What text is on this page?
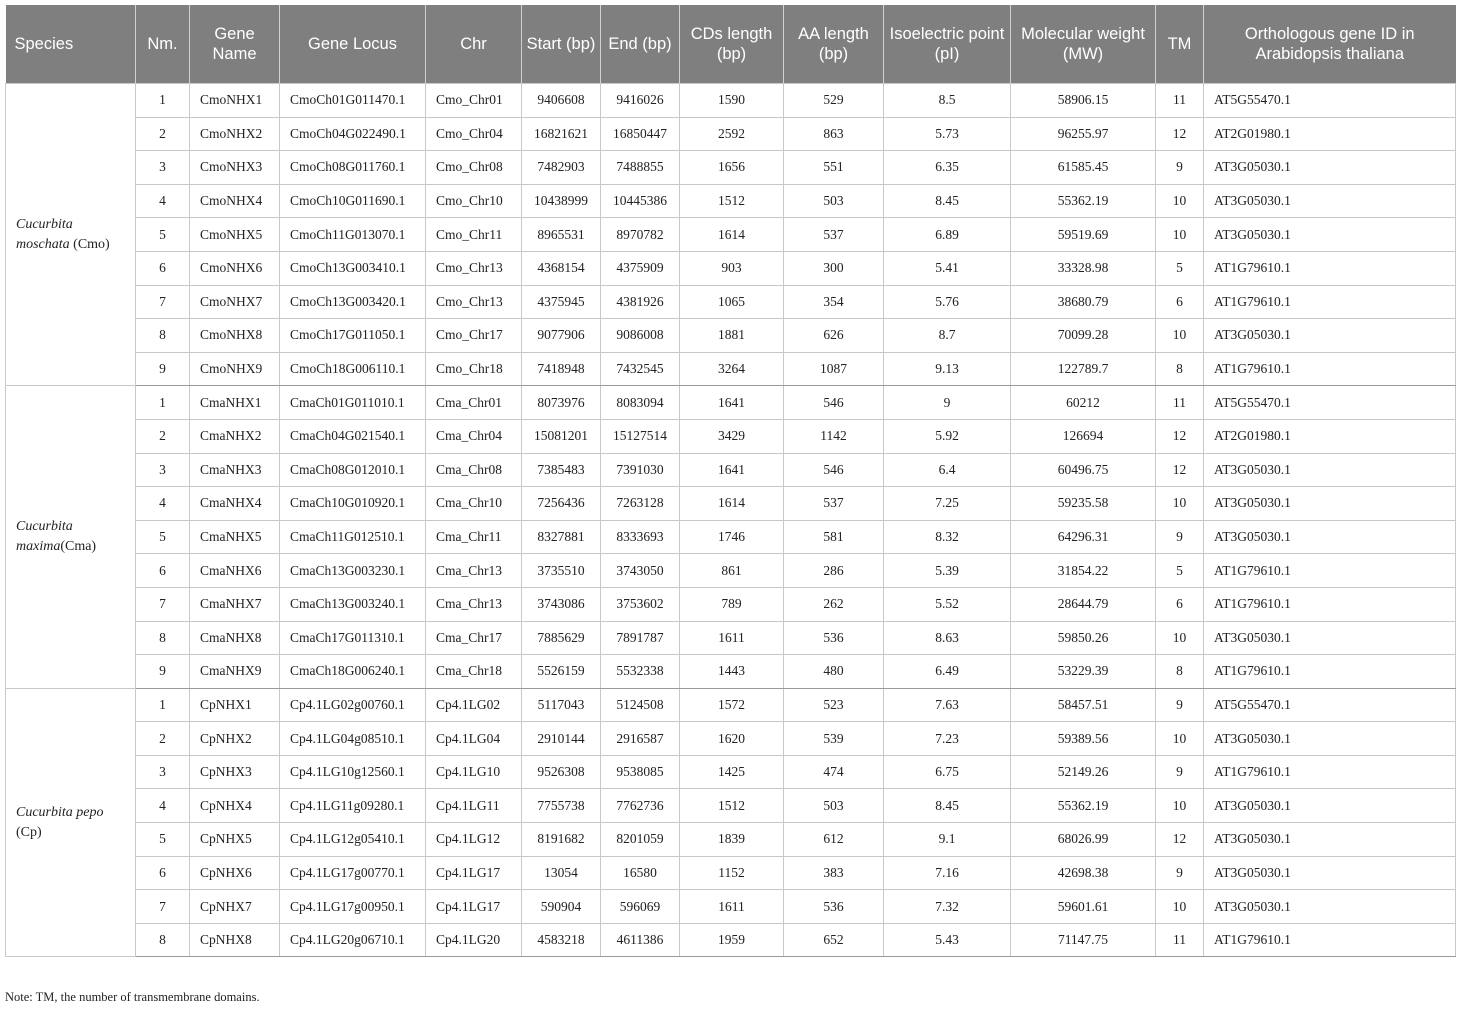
Species	Nm.	Gene Name	Gene Locus	Chr	Start (bp)	End (bp)	CDs length (bp)	AA length (bp)	Isoelectric point (pI)	Molecular weight (MW)	TM	Orthologous gene ID in Arabidopsis thaliana
Cucurbita moschata (Cmo)	1	CmoNHX1	CmoCh01G011470.1	Cmo_Chr01	9406608	9416026	1590	529	8.5	58906.15	11	AT5G55470.1
	2	CmoNHX2	CmoCh04G022490.1	Cmo_Chr04	16821621	16850447	2592	863	5.73	96255.97	12	AT2G01980.1
	3	CmoNHX3	CmoCh08G011760.1	Cmo_Chr08	7482903	7488855	1656	551	6.35	61585.45	9	AT3G05030.1
	4	CmoNHX4	CmoCh10G011690.1	Cmo_Chr10	10438999	10445386	1512	503	8.45	55362.19	10	AT3G05030.1
	5	CmoNHX5	CmoCh11G013070.1	Cmo_Chr11	8965531	8970782	1614	537	6.89	59519.69	10	AT3G05030.1
	6	CmoNHX6	CmoCh13G003410.1	Cmo_Chr13	4368154	4375909	903	300	5.41	33328.98	5	AT1G79610.1
	7	CmoNHX7	CmoCh13G003420.1	Cmo_Chr13	4375945	4381926	1065	354	5.76	38680.79	6	AT1G79610.1
	8	CmoNHX8	CmoCh17G011050.1	Cmo_Chr17	9077906	9086008	1881	626	8.7	70099.28	10	AT3G05030.1
	9	CmoNHX9	CmoCh18G006110.1	Cmo_Chr18	7418948	7432545	3264	1087	9.13	122789.7	8	AT1G79610.1
Cucurbita maxima(Cma)	1	CmaNHX1	CmaCh01G011010.1	Cma_Chr01	8073976	8083094	1641	546	9	60212	11	AT5G55470.1
	2	CmaNHX2	CmaCh04G021540.1	Cma_Chr04	15081201	15127514	3429	1142	5.92	126694	12	AT2G01980.1
	3	CmaNHX3	CmaCh08G012010.1	Cma_Chr08	7385483	7391030	1641	546	6.4	60496.75	12	AT3G05030.1
	4	CmaNHX4	CmaCh10G010920.1	Cma_Chr10	7256436	7263128	1614	537	7.25	59235.58	10	AT3G05030.1
	5	CmaNHX5	CmaCh11G012510.1	Cma_Chr11	8327881	8333693	1746	581	8.32	64296.31	9	AT3G05030.1
	6	CmaNHX6	CmaCh13G003230.1	Cma_Chr13	3735510	3743050	861	286	5.39	31854.22	5	AT1G79610.1
	7	CmaNHX7	CmaCh13G003240.1	Cma_Chr13	3743086	3753602	789	262	5.52	28644.79	6	AT1G79610.1
	8	CmaNHX8	CmaCh17G011310.1	Cma_Chr17	7885629	7891787	1611	536	8.63	59850.26	10	AT3G05030.1
	9	CmaNHX9	CmaCh18G006240.1	Cma_Chr18	5526159	5532338	1443	480	6.49	53229.39	8	AT1G79610.1
Cucurbita pepo (Cp)	1	CpNHX1	Cp4.1LG02g00760.1	Cp4.1LG02	5117043	5124508	1572	523	7.63	58457.51	9	AT5G55470.1
	2	CpNHX2	Cp4.1LG04g08510.1	Cp4.1LG04	2910144	2916587	1620	539	7.23	59389.56	10	AT3G05030.1
	3	CpNHX3	Cp4.1LG10g12560.1	Cp4.1LG10	9526308	9538085	1425	474	6.75	52149.26	9	AT1G79610.1
	4	CpNHX4	Cp4.1LG11g09280.1	Cp4.1LG11	7755738	7762736	1512	503	8.45	55362.19	10	AT3G05030.1
	5	CpNHX5	Cp4.1LG12g05410.1	Cp4.1LG12	8191682	8201059	1839	612	9.1	68026.99	12	AT3G05030.1
	6	CpNHX6	Cp4.1LG17g00770.1	Cp4.1LG17	13054	16580	1152	383	7.16	42698.38	9	AT3G05030.1
	7	CpNHX7	Cp4.1LG17g00950.1	Cp4.1LG17	590904	596069	1611	536	7.32	59601.61	10	AT3G05030.1
	8	CpNHX8	Cp4.1LG20g06710.1	Cp4.1LG20	4583218	4611386	1959	652	5.43	71147.75	11	AT1G79610.1
Note: TM, the number of transmembrane domains.
